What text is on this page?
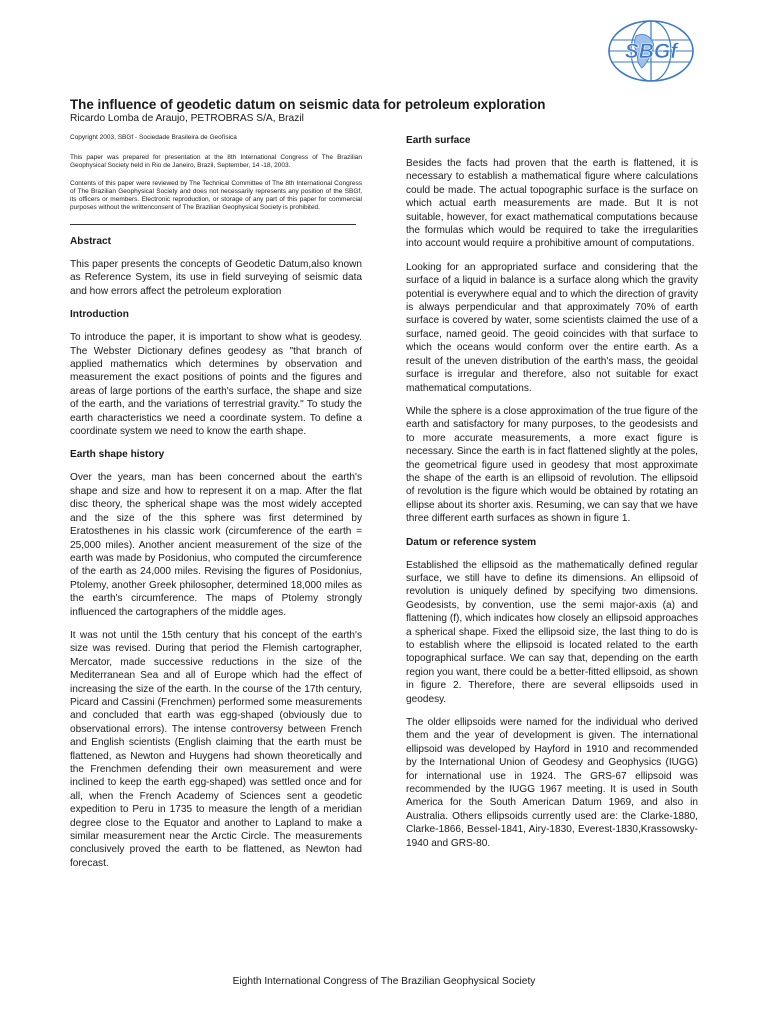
SBGf
The influence of geodetic datum on seismic data for petroleum exploration
Ricardo Lomba de Araujo, PETROBRAS S/A, Brazil

Copyright 2003, SBGf - Sociedade Brasileira de Geofísica

This paper was prepared for presentation at the 8th International Congress of The Brazilian Geophysical Society held in Rio de Janeiro, Brazil, September, 14 -18, 2003.

Contents of this paper were reviewed by The Technical Committee of The 8th International Congress of The Brazilian Geophysical Society and does not necessarily represents any position of the SBGf, its officers or members. Electronic reproduction, or storage of any part of this paper for commercial purposes without the writtenconsent of The Brazilian Geophysical Society is prohibited.

Abstract

This paper presents the concepts of Geodetic Datum,also known as Reference System, its use in field surveying of seismic data and how errors affect the petroleum exploration

Introduction

To introduce the paper, it is important to show what is geodesy. The Webster Dictionary defines geodesy as "that branch of applied mathematics which determines by observation and measurement the exact positions of points and the figures and areas of large portions of the earth's surface, the shape and size of the earth, and the variations of terrestrial gravity." To study the earth characteristics we need a coordinate system. To define a coordinate system we need to know the earth shape.

Earth shape history

Over the years, man has been concerned about the earth's shape and size and how to represent it on a map. After the flat disc theory, the spherical shape was the most widely accepted and the size of the this sphere was first determined by Eratosthenes in his classic work (circumference of the earth = 25,000 miles). Another ancient measurement of the size of the earth was made by Posidonius, who computed the circumference of the earth as 24,000 miles. Revising the figures of Posidonius, Ptolemy, another Greek philosopher, determined 18,000 miles as the earth's circumference. The maps of Ptolemy strongly influenced the cartographers of the middle ages.

It was not until the 15th century that his concept of the earth's size was revised. During that period the Flemish cartographer, Mercator, made successive reductions in the size of the Mediterranean Sea and all of Europe which had the effect of increasing the size of the earth. In the course of the 17th century, Picard and Cassini (Frenchmen) performed some measurements and concluded that earth was egg-shaped (obviously due to observational errors). The intense controversy between French and English scientists (English claiming that the earth must be flattened, as Newton and Huygens had shown theoretically and the Frenchmen defending their own measurement and were inclined to keep the earth egg-shaped) was settled once and for all, when the French Academy of Sciences sent a geodetic expedition to Peru in 1735 to measure the length of a meridian degree close to the Equator and another to Lapland to make a similar measurement near the Arctic Circle. The measurements conclusively proved the earth to be flattened, as Newton had forecast.

Earth surface

Besides the facts had proven that the earth is flattened, it is necessary to establish a mathematical figure where calculations could be made. The actual topographic surface is the surface on which actual earth measurements are made. But It is not suitable, however, for exact mathematical computations because the formulas which would be required to take the irregularities into account would require a prohibitive amount of computations.

Looking for an appropriated surface and considering that the surface of a liquid in balance is a surface along which the gravity potential is everywhere equal and to which the direction of gravity is always perpendicular and that approximately 70% of earth surface is covered by water, some scientists claimed the use of a surface, named geoid. The geoid coincides with that surface to which the oceans would conform over the entire earth. As a result of the uneven distribution of the earth's mass, the geoidal surface is irregular and therefore, also not suitable for exact mathematical computations.

While the sphere is a close approximation of the true figure of the earth and satisfactory for many purposes, to the geodesists and to more accurate measurements, a more exact figure is necessary. Since the earth is in fact flattened slightly at the poles, the geometrical figure used in geodesy that most approximate the shape of the earth is an ellipsoid of revolution. The ellipsoid of revolution is the figure which would be obtained by rotating an ellipse about its shorter axis. Resuming, we can say that we have three different earth surfaces as shown in figure 1.

Datum or reference system

Established the ellipsoid as the mathematically defined regular surface, we still have to define its dimensions. An ellipsoid of revolution is uniquely defined by specifying two dimensions. Geodesists, by convention, use the semi major-axis (a) and flattening (f), which indicates how closely an ellipsoid approaches a spherical shape. Fixed the ellipsoid size, the last thing to do is to establish where the ellipsoid is located related to the earth topographical surface. We can say that, depending on the earth region you want, there could be a better-fitted ellipsoid, as shown in figure 2. Therefore, there are several ellipsoids used in geodesy.

The older ellipsoids were named for the individual who derived them and the year of development is given. The international ellipsoid was developed by Hayford in 1910 and recommended by the International Union of Geodesy and Geophysics (IUGG) for international use in 1924. The GRS-67 ellipsoid was recommended by the IUGG 1967 meeting. It is used in South America for the South American Datum 1969, and also in Australia. Others ellipsoids currently used are: the Clarke-1880, Clarke-1866, Bessel-1841, Airy-1830, Everest-1830,Krassowsky-1940 and GRS-80.

Eighth International Congress of The Brazilian Geophysical Society
